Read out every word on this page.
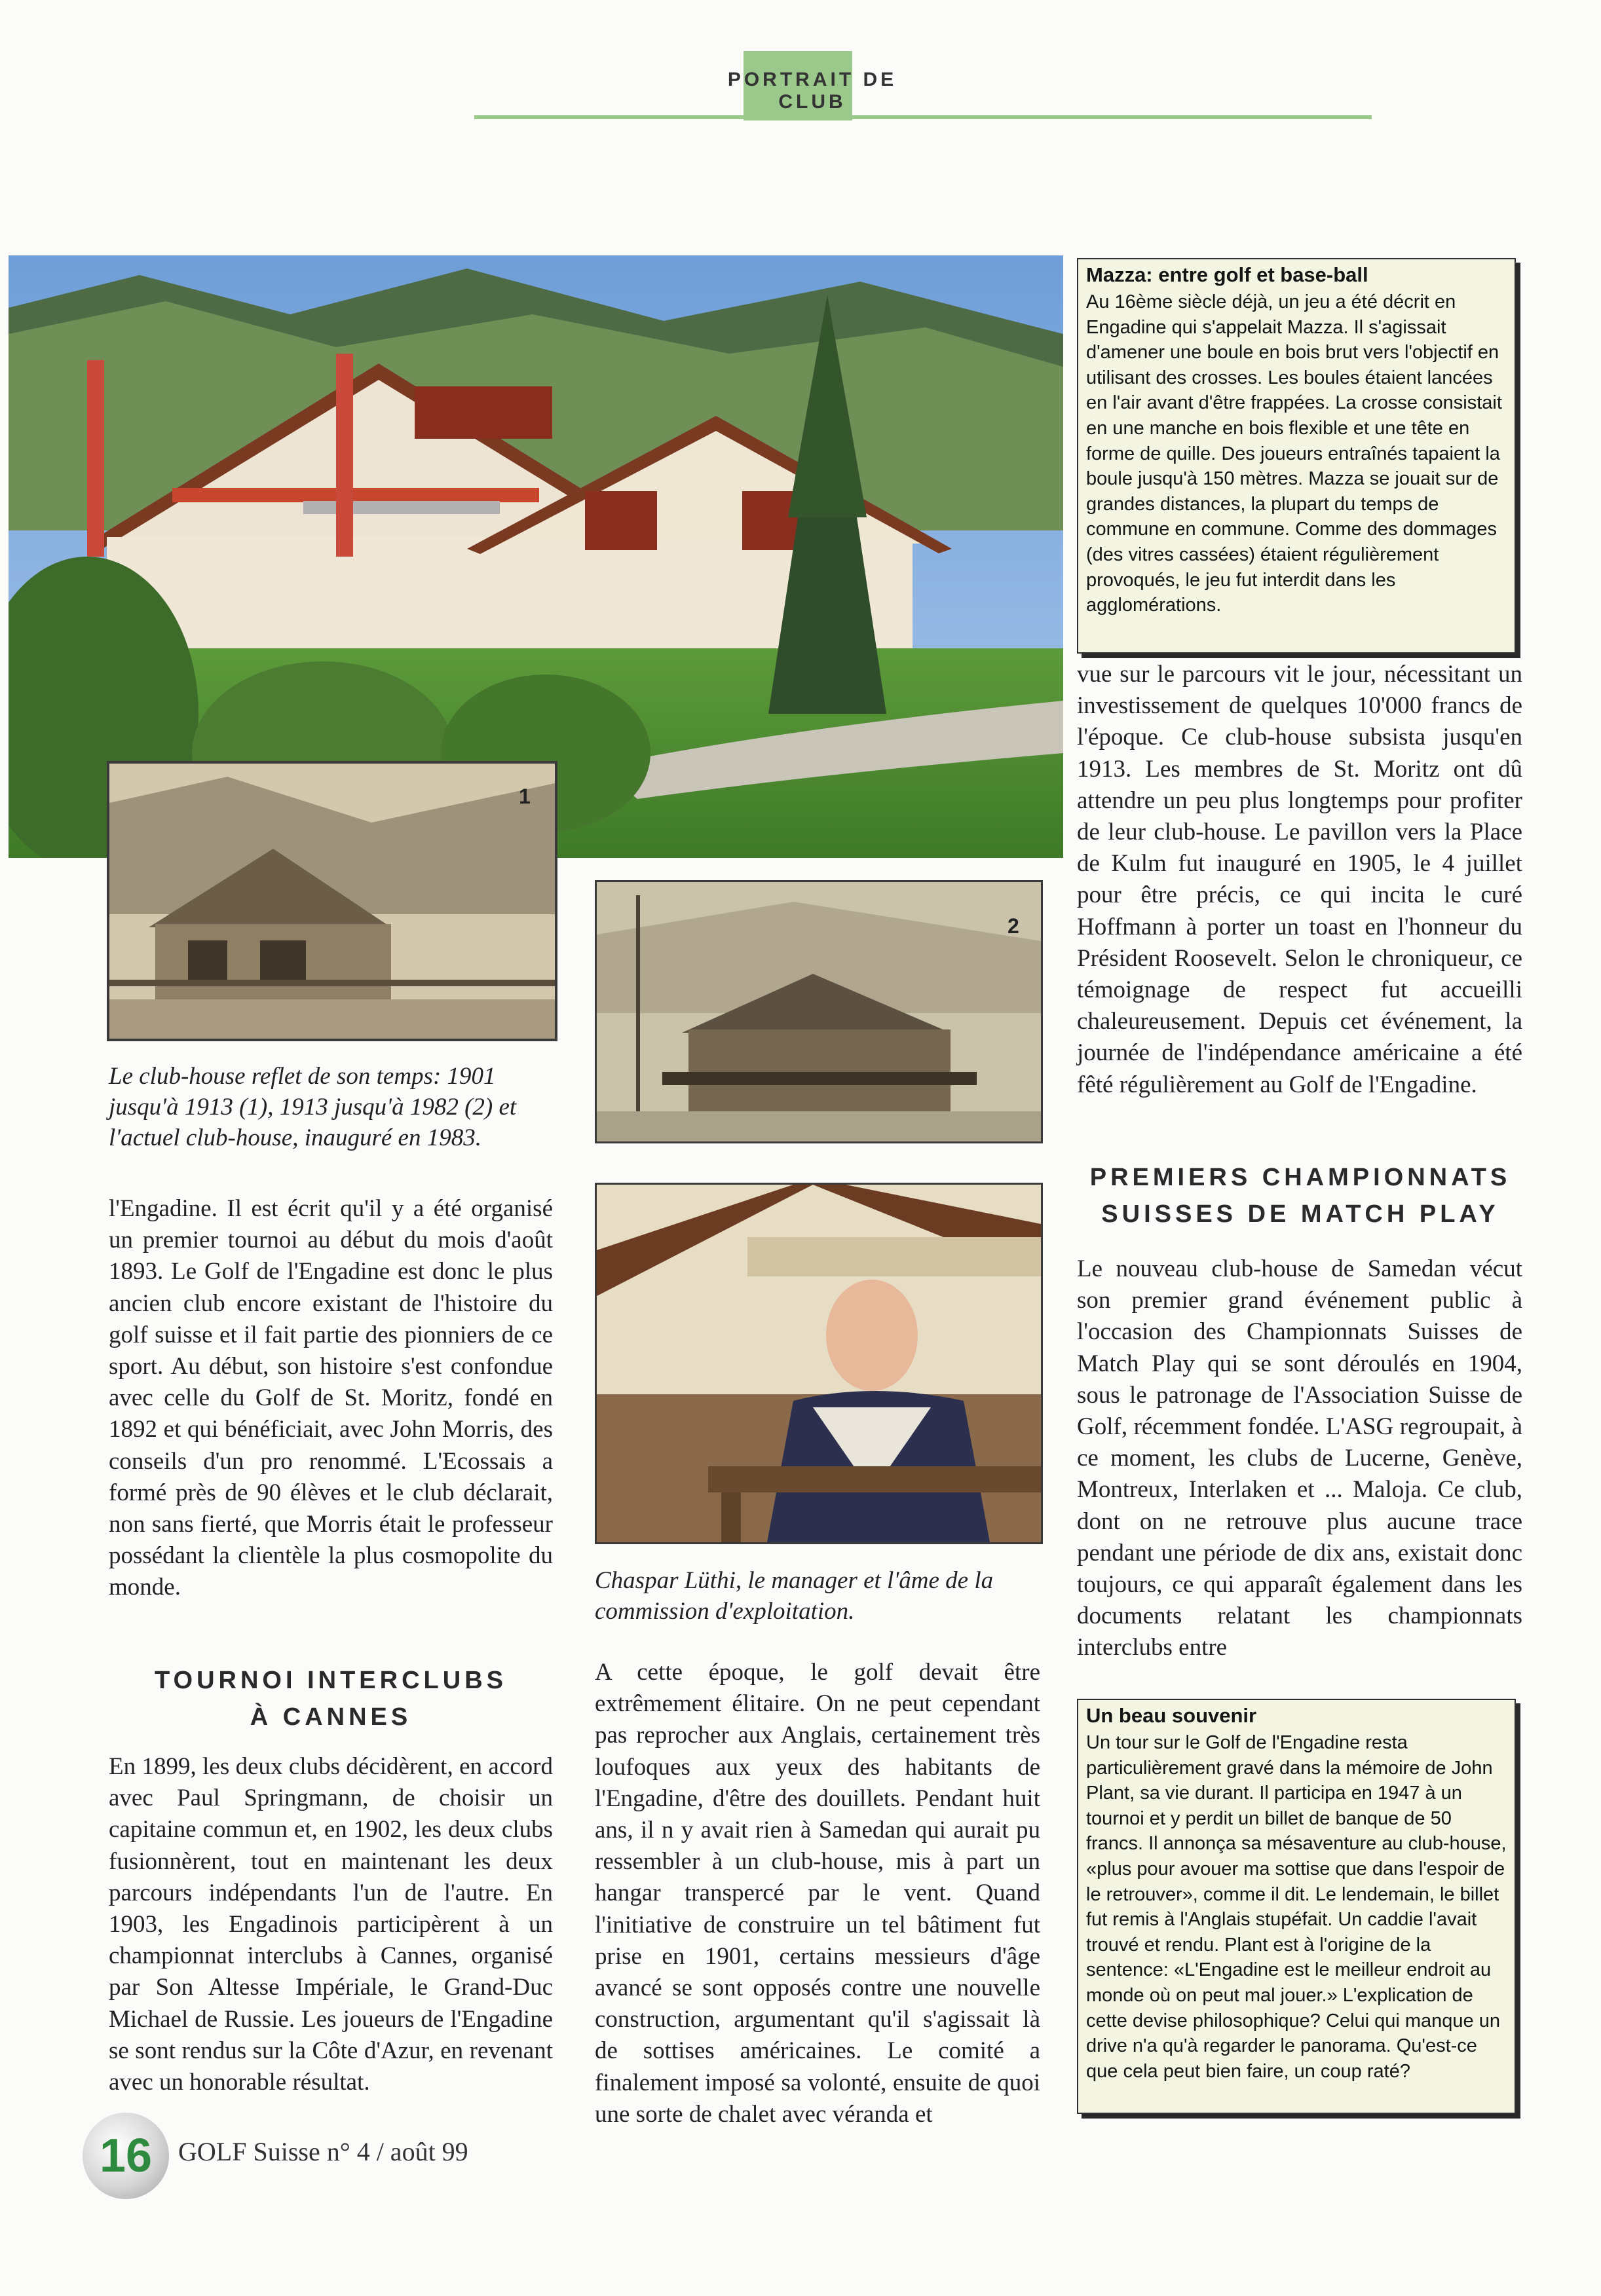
PORTRAIT DE CLUB
1
2
Mazza: entre golf et base-ball
Au 16ème siècle déjà, un jeu a été décrit en Engadine qui s'appelait Mazza. Il s'agissait d'amener une boule en bois brut vers l'objectif en utilisant des crosses. Les boules étaient lancées en l'air avant d'être frappées. La crosse consistait en une manche en bois flexible et une tête en forme de quille. Des joueurs entraînés tapaient la boule jusqu'à 150 mètres. Mazza se jouait sur de grandes distances, la plupart du temps de commune en commune. Comme des dommages (des vitres cassées) étaient régulièrement provoqués, le jeu fut interdit dans les agglomérations.
Le club-house reflet de son temps: 1901 jusqu'à 1913 (1), 1913 jusqu'à 1982 (2) et l'actuel club-house, inauguré en 1983.
l'Engadine. Il est écrit qu'il y a été organisé un premier tournoi au début du mois d'août 1893. Le Golf de l'Engadine est donc le plus ancien club encore existant de l'histoire du golf suisse et il fait partie des pionniers de ce sport. Au début, son histoire s'est confondue avec celle du Golf de St. Moritz, fondé en 1892 et qui bénéficiait, avec John Morris, des conseils d'un pro renommé. L'Ecossais a formé près de 90 élèves et le club déclarait, non sans fierté, que Morris était le professeur possédant la clientèle la plus cosmopolite du monde.
TOURNOI INTERCLUBS
À CANNES
En 1899, les deux clubs décidèrent, en accord avec Paul Springmann, de choisir un capitaine commun et, en 1902, les deux clubs fusionnèrent, tout en maintenant les deux parcours indépendants l'un de l'autre. En 1903, les Engadinois participèrent à un championnat interclubs à Cannes, organisé par Son Altesse Impériale, le Grand-Duc Michael de Russie. Les joueurs de l'Engadine se sont rendus sur la Côte d'Azur, en revenant avec un honorable résultat.
Chaspar Lüthi, le manager et l'âme de la commission d'exploitation.
A cette époque, le golf devait être extrêmement élitaire. On ne peut cependant pas reprocher aux Anglais, certainement très loufoques aux yeux des habitants de l'Engadine, d'être des douillets. Pendant huit ans, il n y avait rien à Samedan qui aurait pu ressembler à un club-house, mis à part un hangar transpercé par le vent. Quand l'initiative de construire un tel bâtiment fut prise en 1901, certains messieurs d'âge avancé se sont opposés contre une nouvelle construction, argumentant qu'il s'agissait là de sottises américaines. Le comité a finalement imposé sa volonté, ensuite de quoi une sorte de chalet avec véranda et
vue sur le parcours vit le jour, nécessitant un investissement de quelques 10'000 francs de l'époque. Ce club-house subsista jusqu'en 1913. Les membres de St. Moritz ont dû attendre un peu plus longtemps pour profiter de leur club-house. Le pavillon vers la Place de Kulm fut inauguré en 1905, le 4 juillet pour être précis, ce qui incita le curé Hoffmann à porter un toast en l'honneur du Président Roosevelt. Selon le chroniqueur, ce témoignage de respect fut accueilli chaleureusement. Depuis cet événement, la journée de l'indépendance américaine a été fêté régulièrement au Golf de l'Engadine.
PREMIERS CHAMPIONNATS
SUISSES DE MATCH PLAY
Le nouveau club-house de Samedan vécut son premier grand événement public à l'occasion des Championnats Suisses de Match Play qui se sont déroulés en 1904, sous le patronage de l'Association Suisse de Golf, récemment fondée. L'ASG regroupait, à ce moment, les clubs de Lucerne, Genève, Montreux, Interlaken et ... Maloja. Ce club, dont on ne retrouve plus aucune trace pendant une période de dix ans, existait donc toujours, ce qui apparaît également dans les documents relatant les championnats interclubs entre
Un beau souvenir
Un tour sur le Golf de l'Engadine resta particulièrement gravé dans la mémoire de John Plant, sa vie durant. Il participa en 1947 à un tournoi et y perdit un billet de banque de 50 francs. Il annonça sa mésaventure au club-house, «plus pour avouer ma sottise que dans l'espoir de le retrouver», comme il dit. Le lendemain, le billet fut remis à l'Anglais stupéfait. Un caddie l'avait trouvé et rendu. Plant est à l'origine de la sentence: «L'Engadine est le meilleur endroit au monde où on peut mal jouer.» L'explication de cette devise philosophique? Celui qui manque un drive n'a qu'à regarder le panorama. Qu'est-ce que cela peut bien faire, un coup raté?
16 GOLF Suisse n° 4 / août 99
